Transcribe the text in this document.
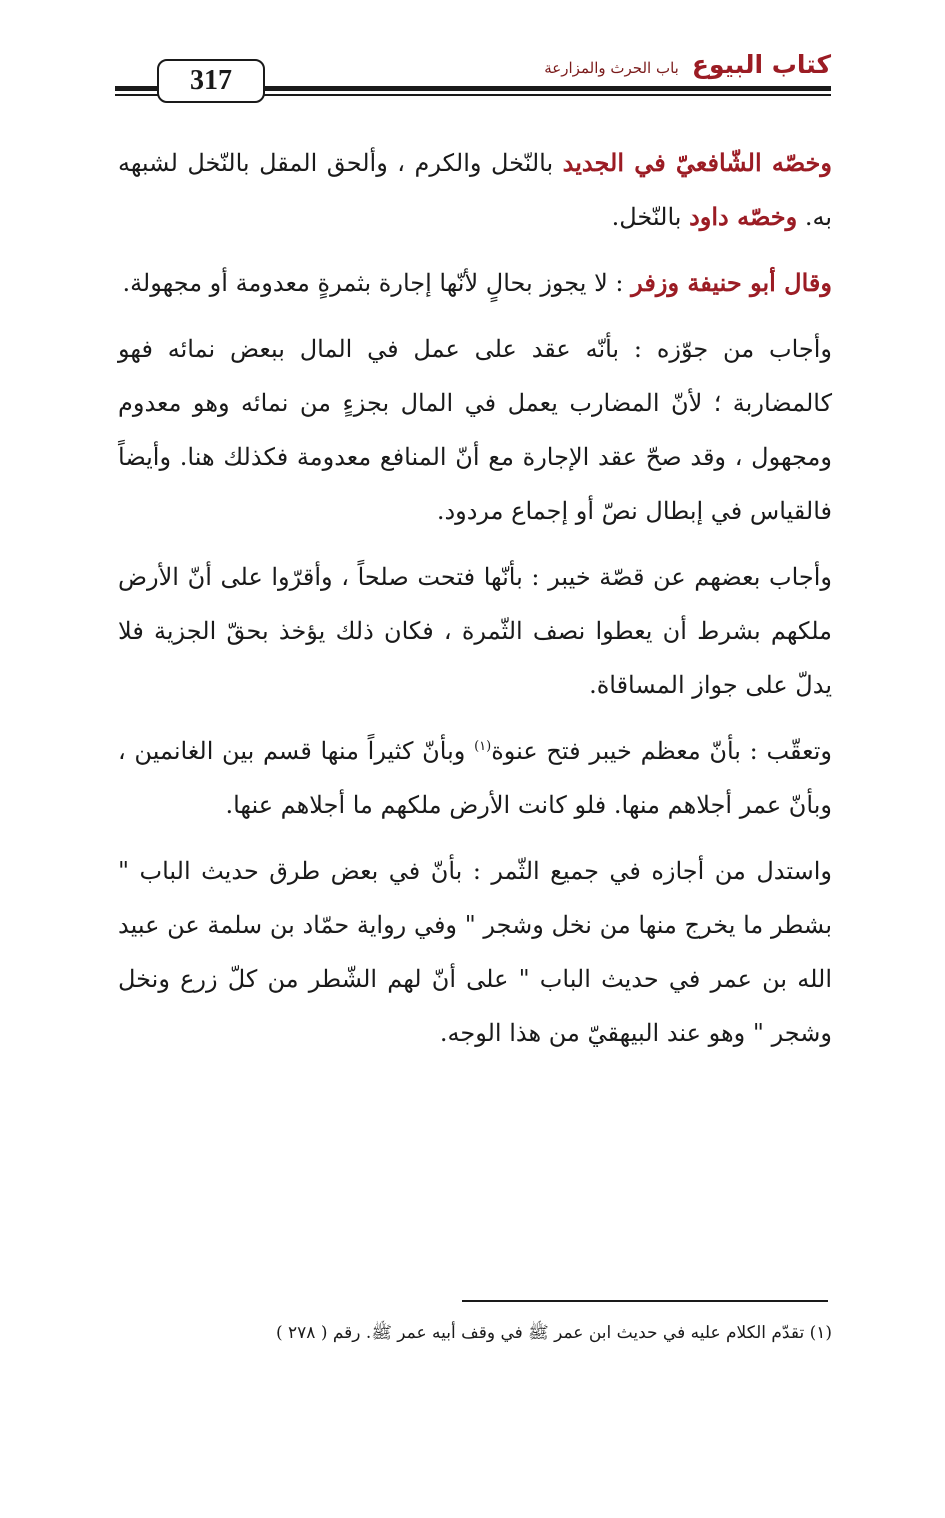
كتاب البيوع باب الحرث والمزارعة
317

وخصّه الشّافعيّ في الجديد بالنّخل والكرم ، وألحق المقل بالنّخل لشبهه به. وخصّه داود بالنّخل.

وقال أبو حنيفة وزفر : لا يجوز بحالٍ لأنّها إجارة بثمرةٍ معدومة أو مجهولة.

وأجاب من جوّزه : بأنّه عقد على عمل في المال ببعض نمائه فهو كالمضاربة ؛ لأنّ المضارب يعمل في المال بجزءٍ من نمائه وهو معدوم ومجهول ، وقد صحّ عقد الإجارة مع أنّ المنافع معدومة فكذلك هنا. وأيضاً فالقياس في إبطال نصّ أو إجماع مردود.

وأجاب بعضهم عن قصّة خيبر : بأنّها فتحت صلحاً ، وأقرّوا على أنّ الأرض ملكهم بشرط أن يعطوا نصف الثّمرة ، فكان ذلك يؤخذ بحقّ الجزية فلا يدلّ على جواز المساقاة.

وتعقّب : بأنّ معظم خيبر فتح عنوة$^{(١)}$ وبأنّ كثيراً منها قسم بين الغانمين ، وبأنّ عمر أجلاهم منها. فلو كانت الأرض ملكهم ما أجلاهم عنها.

واستدل من أجازه في جميع الثّمر : بأنّ في بعض طرق حديث الباب " بشطر ما يخرج منها من نخل وشجر " وفي رواية حمّاد بن سلمة عن عبيد الله بن عمر في حديث الباب " على أنّ لهم الشّطر من كلّ زرع ونخل وشجر " وهو عند البيهقيّ من هذا الوجه.

(١) تقدّم الكلام عليه في حديث ابن عمر ﷺ في وقف أبيه عمر ﷺ. رقم ( ٢٧٨ )
